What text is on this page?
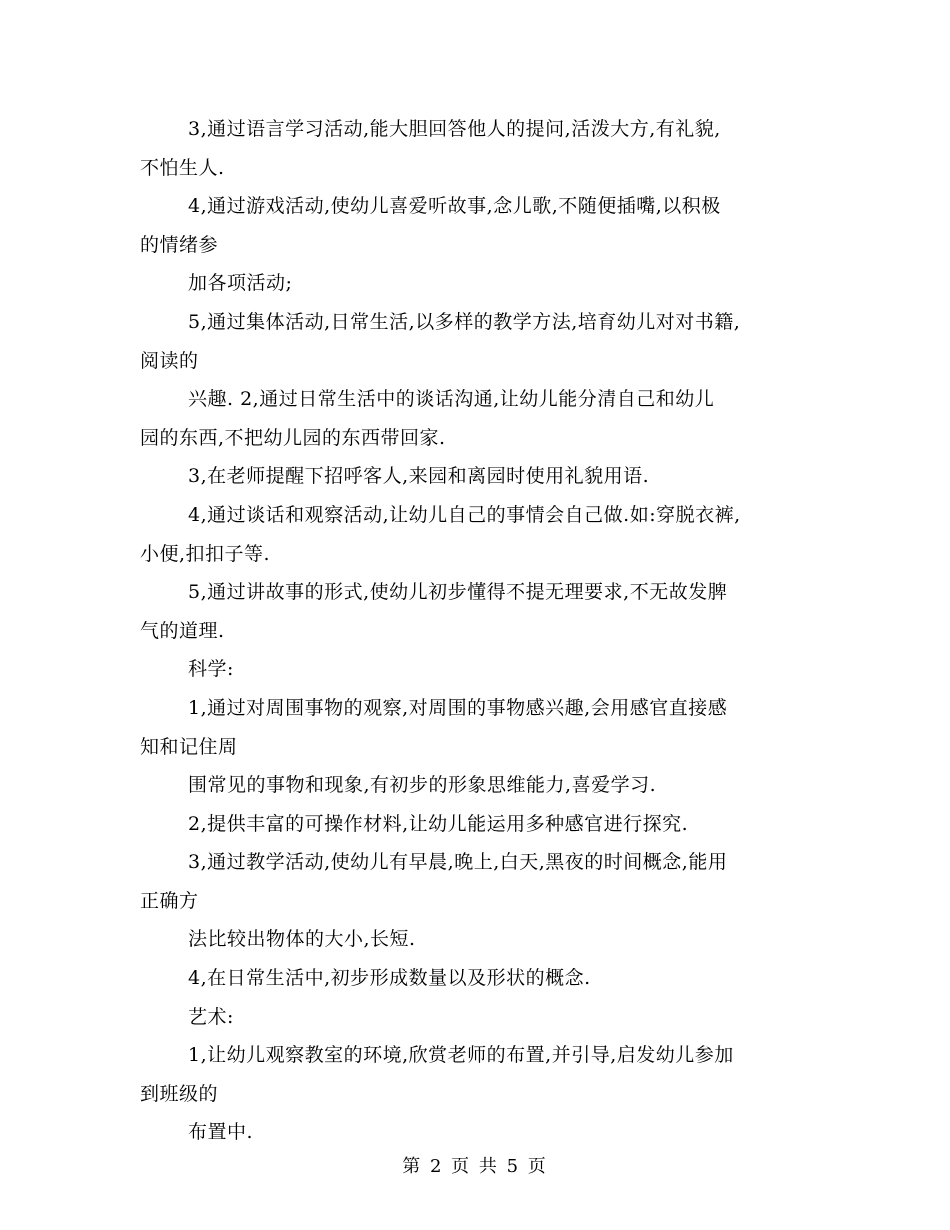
3,通过语言学习活动,能大胆回答他人的提问,活泼大方,有礼貌,
不怕生人.
4,通过游戏活动,使幼儿喜爱听故事,念儿歌,不随便插嘴,以积极
的情绪参
加各项活动;
5,通过集体活动,日常生活,以多样的教学方法,培育幼儿对对书籍,
阅读的
兴趣. 2,通过日常生活中的谈话沟通,让幼儿能分清自己和幼儿
园的东西,不把幼儿园的东西带回家.
3,在老师提醒下招呼客人,来园和离园时使用礼貌用语.
4,通过谈话和观察活动,让幼儿自己的事情会自己做.如:穿脱衣裤,
小便,扣扣子等.
5,通过讲故事的形式,使幼儿初步懂得不提无理要求,不无故发脾
气的道理.
科学:
1,通过对周围事物的观察,对周围的事物感兴趣,会用感官直接感
知和记住周
围常见的事物和现象,有初步的形象思维能力,喜爱学习.
2,提供丰富的可操作材料,让幼儿能运用多种感官进行探究.
3,通过教学活动,使幼儿有早晨,晚上,白天,黑夜的时间概念,能用
正确方
法比较出物体的大小,长短.
4,在日常生活中,初步形成数量以及形状的概念.
艺术:
1,让幼儿观察教室的环境,欣赏老师的布置,并引导,启发幼儿参加
到班级的
布置中.
第 2 页 共 5 页
